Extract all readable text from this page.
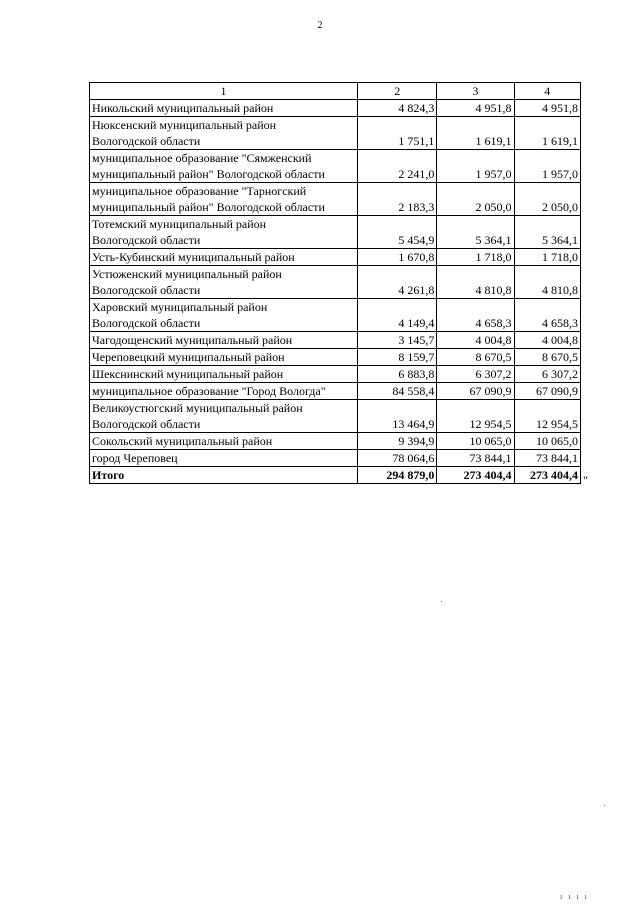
2
1	2	3	4
Никольский муниципальный район	4 824,3	4 951,8	4 951,8
Нюксенский муниципальный район
Вологодской области	1 751,1	1 619,1	1 619,1
муниципальное образование "Сямженский
муниципальный район" Вологодской области	2 241,0	1 957,0	1 957,0
муниципальное образование "Тарногский
муниципальный район" Вологодской области	2 183,3	2 050,0	2 050,0
Тотемский муниципальный район
Вологодской области	5 454,9	5 364,1	5 364,1
Усть-Кубинский муниципальный район	1 670,8	1 718,0	1 718,0
Устюженский муниципальный район
Вологодской области	4 261,8	4 810,8	4 810,8
Харовский муниципальный район
Вологодской области	4 149,4	4 658,3	4 658,3
Чагодощенский муниципальный район	3 145,7	4 004,8	4 004,8
Череповецкий муниципальный район	8 159,7	8 670,5	8 670,5
Шекснинский муниципальный район	6 883,8	6 307,2	6 307,2
муниципальное образование "Город Вологда"	84 558,4	67 090,9	67 090,9
Великоустюгский муниципальный район
Вологодской области	13 464,9	12 954,5	12 954,5
Сокольский муниципальный район	9 394,9	10 065,0	10 065,0
город Череповец	78 064,6	73 844,1	73 844,1
Итого	294 879,0	273 404,4	273 404,4 "
ı ı ı ı
